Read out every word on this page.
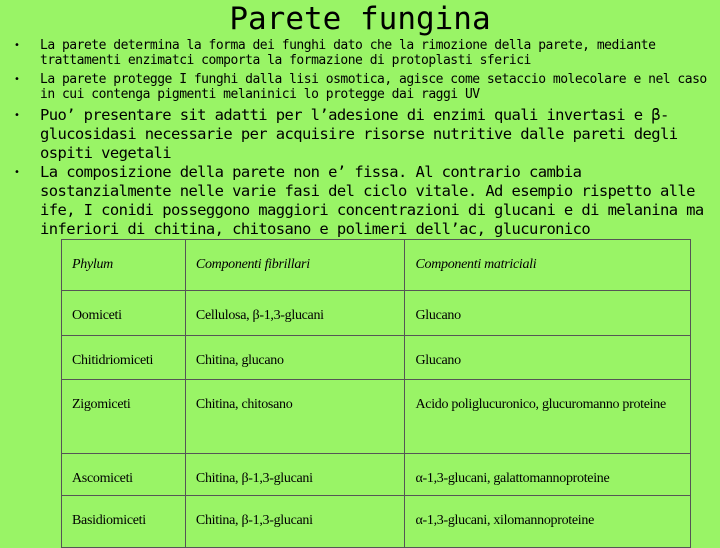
Parete fungina
• La parete determina la forma dei funghi dato che la rimozione della parete, mediante trattamenti enzimatci comporta la formazione di protoplasti sferici
• La parete protegge I funghi dalla lisi osmotica, agisce come setaccio molecolare e nel caso in cui contenga pigmenti melaninici lo protegge dai raggi UV
• Puo’ presentare sit adatti per l’adesione di enzimi quali invertasi e β-glucosidasi necessarie per acquisire risorse nutritive dalle pareti degli ospiti vegetali
• La composizione della parete non e’ fissa. Al contrario cambia sostanzialmente nelle varie fasi del ciclo vitale. Ad esempio rispetto alle ife, I conidi posseggono maggiori concentrazioni di glucani e di melanina ma inferiori di chitina, chitosano e polimeri dell’ac, glucuronico
Phylum	Componenti fibrillari	Componenti matriciali
Oomiceti	Cellulosa, β-1,3-glucani	Glucano
Chitidriomiceti	Chitina, glucano	Glucano
Zigomiceti	Chitina, chitosano	Acido poliglucuronico, glucuromanno proteine
Ascomiceti	Chitina, β-1,3-glucani	α-1,3-glucani, galattomannoproteine
Basidiomiceti	Chitina, β-1,3-glucani	α-1,3-glucani, xilomannoproteine
